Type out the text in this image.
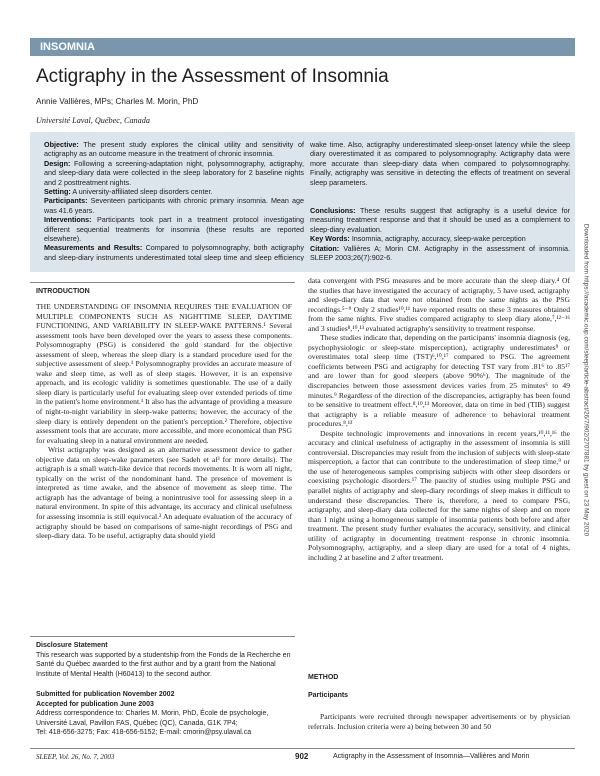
INSOMNIA
Actigraphy in the Assessment of Insomnia
Annie Vallières, MPs; Charles M. Morin, PhD
Université Laval, Québec, Canada

Objective: The present study explores the clinical utility and sensitivity of actigraphy as an outcome measure in the treatment of chronic insomnia.

Design: Following a screening-adaptation night, polysomnography, actigraphy, and sleep-diary data were collected in the sleep laboratory for 2 baseline nights and 2 posttreatment nights.

Setting: A university-affiliated sleep disorders center.

Participants: Seventeen participants with chronic primary insomnia. Mean age was 41.6 years.

Interventions: Participants took part in a treatment protocol investigating different sequential treatments for insomnia (these results are reported elsewhere).

Measurements and Results: Compared to polysomnography, both actigraphy and sleep-diary instruments underestimated total sleep time and sleep efficiency

wake time. Also, actigraphy underestimated sleep-onset latency while the sleep diary overestimated it as compared to polysomnography. Actigraphy data were more accurate than sleep-diary data when compared to polysomnography. Finally, actigraphy was sensitive in detecting the effects of treatment on several sleep parameters.

Conclusions: These results suggest that actigraphy is a useful device for measuring treatment response and that it should be used as a complement to sleep-diary evaluation.

Key Words: Insomnia, actigraphy, accuracy, sleep-wake perception

Citation: Vallières A; Morin CM. Actigraphy in the assessment of insomnia. SLEEP 2003;26(7):902-6.	Downloaded from https://academic.oup.com/sleep/article-abstract/26/7/902/2707881 by guest on 23 May 2020
INTRODUCTION

THE UNDERSTANDING OF INSOMNIA REQUIRES THE EVALUATION OF MULTIPLE COMPONENTS SUCH AS NIGHTTIME SLEEP, DAYTIME FUNCTIONING, AND VARIABILITY IN SLEEP-WAKE PATTERNS.¹ Several assessment tools have been developed over the years to assess these components. Polysomnography (PSG) is considered the gold standard for the objective assessment of sleep, whereas the sleep diary is a standard procedure used for the subjective assessment of sleep.¹ Polysomnography provides an accurate measure of wake and sleep time, as well as of sleep stages. However, it is an expensive approach, and its ecologic validity is sometimes questionable. The use of a daily sleep diary is particularly useful for evaluating sleep over extended periods of time in the patient's home environment.¹ It also has the advantage of providing a measure of night-to-night variability in sleep-wake patterns; however, the accuracy of the sleep diary is entirely dependent on the patient's perception.² Therefore, objective assessment tools that are accurate, more accessible, and more economical than PSG for evaluating sleep in a natural environment are needed.

Wrist actigraphy was designed as an alternative assessment device to gather objective data on sleep-wake parameters (see Sadeh et al³ for more details). The actigraph is a small watch-like device that records movements. It is worn all night, typically on the wrist of the nondominant hand. The presence of movement is interpreted as time awake, and the absence of movement as sleep time. The actigraph has the advantage of being a nonintrusive tool for assessing sleep in a natural environment. In spite of this advantage, its accuracy and clinical usefulness for assessing insomnia is still equivocal.³ An adequate evaluation of the accuracy of actigraphy should be based on comparisons of same-night recordings of PSG and sleep-diary data. To be useful, actigraphy data should yield

Disclosure Statement

This research was supported by a studentship from the Fonds de la Recherche en Santé du Québec awarded to the first author and by a grant from the National Institute of Mental Health (H60413) to the second author.

Submitted for publication November 2002

Accepted for publication June 2003

Address correspondence to: Charles M. Morin, PhD, École de psychologie, Université Laval, Pavillon FAS, Québec (QC), Canada, G1K 7P4;

Tel: 418-656-3275; Fax: 418-656-5152; E-mail: cmorin@psy.ulaval.ca

data convergent with PSG measures and be more accurate than the sleep diary.⁴ Of the studies that have investigated the accuracy of actigraphy, 5 have used, actigraphy and sleep-diary data that were not obtained from the same nights as the PSG recordings.⁵⁻⁹ Only 2 studies¹⁰,¹¹ have reported results on these 3 measures obtained from the same nights. Five studies compared actigraphy to sleep diary alone,⁷,¹²⁻¹⁶ and 3 studies⁸,¹⁰,¹³ evaluated actigraphy's sensitivity to treatment response.

These studies indicate that, depending on the participants' insomnia diagnosis (eg, psychophysiologic or sleep-state misperception), actigraphy underestimates⁹ or overestimates total sleep time (TST)⁶,¹⁰,¹⁷ compared to PSG. The agreement coefficients between PSG and actigraphy for detecting TST vary from .81⁶ to .85¹⁷ and are lower than for good sleepers (above 90%⁶). The magnitude of the discrepancies between those assessment devices varies from 25 minutes⁶ to 49 minutes.⁹ Regardless of the direction of the discrepancies, actigraphy has been found to be sensitive to treatment effect.⁸,¹⁰,¹³ Moreover, data on time in bed (TIB) suggest that actigraphy is a reliable measure of adherence to behavioral treatment procedures.⁸,¹³

Despite technologic improvements and innovations in recent years,¹⁰,¹¹,¹⁶ the accuracy and clinical usefulness of actigraphy in the assessment of insomnia is still controversial. Discrepancies may result from the inclusion of subjects with sleep-state misperception, a factor that can contribute to the underestimation of sleep time,⁹ or the use of heterogeneous samples comprising subjects with other sleep disorders or coexisting psychologic disorders.¹⁷ The paucity of studies using multiple PSG and parallel nights of actigraphy and sleep-diary recordings of sleep makes it difficult to understand these discrepancies. There is, therefore, a need to compare PSG, actigraphy, and sleep-diary data collected for the same nights of sleep and on more than 1 night using a homogeneous sample of insomnia patients both before and after treatment. The present study further evaluates the accuracy, sensitivity, and clinical utility of actigraphy in documenting treatment response in chronic insomnia. Polysomnography, actigraphy, and a sleep diary are used for a total of 4 nights, including 2 at baseline and 2 after treatment.

METHOD
Participants

Participants were recruited through newspaper advertisements or by physician referrals. Inclusion criteria were a) being between 30 and 50

SLEEP, Vol. 26, No. 7, 2003	902	Actigraphy in the Assessment of Insomnia—Vallières and Morin
